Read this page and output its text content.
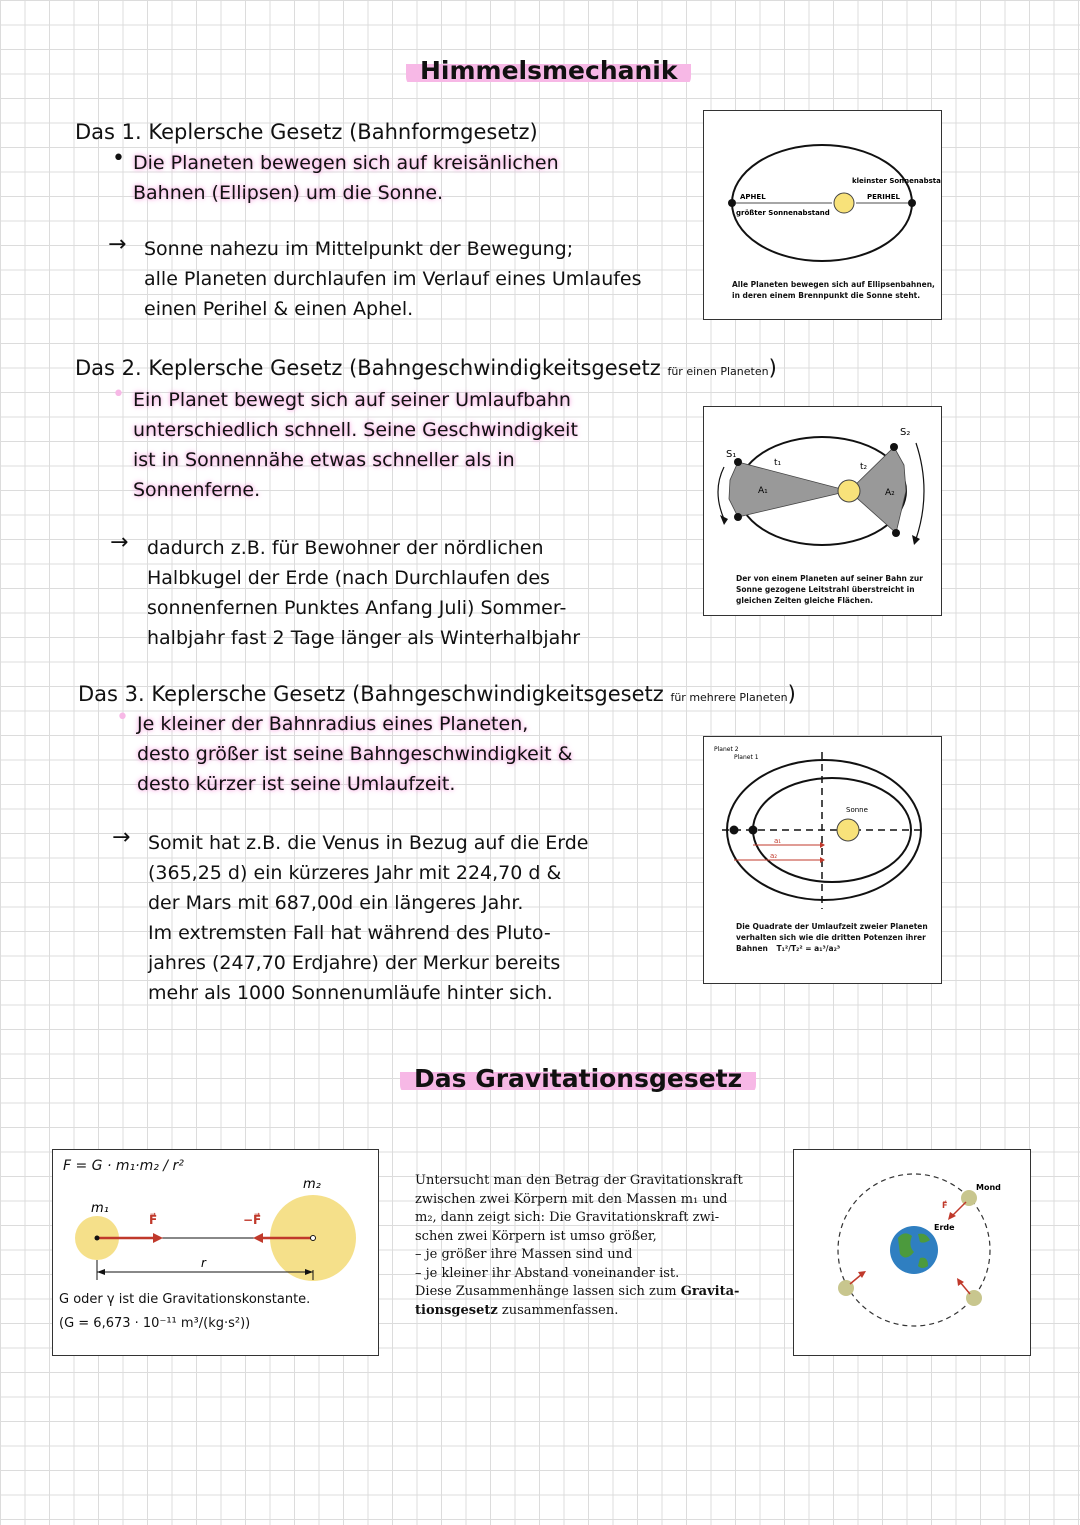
Himmelsmechanik
Das 1. Keplersche Gesetz (Bahnformgesetz)
• Die Planeten bewegen sich auf kreisänlichen
Bahnen (Ellipsen) um die Sonne.
→ Sonne nahezu im Mittelpunkt der Bewegung;
alle Planeten durchlaufen im Verlauf eines Umlaufes
einen Perihel & einen Aphel.
kleinster Sonnenabstand
APHEL	PERIHEL
größter Sonnenabstand
Alle Planeten bewegen sich auf Ellipsenbahnen,
in deren einem Brennpunkt die Sonne steht.
Das 2. Keplersche Gesetz (Bahngeschwindigkeitsgesetz für einen Planeten)
• Ein Planet bewegt sich auf seiner Umlaufbahn
unterschiedlich schnell. Seine Geschwindigkeit
ist in Sonnennähe etwas schneller als in
Sonnenferne.
→ dadurch z.B. für Bewohner der nördlichen
Halbkugel der Erde (nach Durchlaufen des
sonnenfernen Punktes Anfang Juli) Sommer-
halbjahr fast 2 Tage länger als Winterhalbjahr
S₁
S₂
t₁	t₂
A₁	A₂
Der von einem Planeten auf seiner Bahn zur
Sonne gezogene Leitstrahl überstreicht in
gleichen Zeiten gleiche Flächen.
Das 3. Keplersche Gesetz (Bahngeschwindigkeitsgesetz für mehrere Planeten)
• Je kleiner der Bahnradius eines Planeten,
desto größer ist seine Bahngeschwindigkeit &
desto kürzer ist seine Umlaufzeit.
→ Somit hat z.B. die Venus in Bezug auf die Erde
(365,25 d) ein kürzeres Jahr mit 224,70 d &
der Mars mit 687,00d ein längeres Jahr.
Im extremsten Fall hat während des Pluto-
jahres (247,70 Erdjahre) der Merkur bereits
mehr als 1000 Sonnenumläufe hinter sich.
Planet 2
Planet 1
Sonne
a₁
a₂
Die Quadrate der Umlaufzeit zweier Planeten
verhalten sich wie die dritten Potenzen ihrer
Bahnen T₁²/T₂² = a₁³/a₂³
Das Gravitationsgesetz
F = G · m₁·m₂ / r²
m₁
m₂
F⃗	−F⃗
r
G oder γ ist die Gravitationskonstante.
(G = 6,673 · 10⁻¹¹ m³/(kg·s²))
Untersucht man den Betrag der Gravitationskraft
zwischen zwei Körpern mit den Massen m₁ und
m₂, dann zeigt sich: Die Gravitationskraft zwi-
schen zwei Körpern ist umso größer,
– je größer ihre Massen sind und
– je kleiner ihr Abstand voneinander ist.
Diese Zusammenhänge lassen sich zum Gravita-
tionsgesetz zusammenfassen.
Mond
Erde
F⃗
